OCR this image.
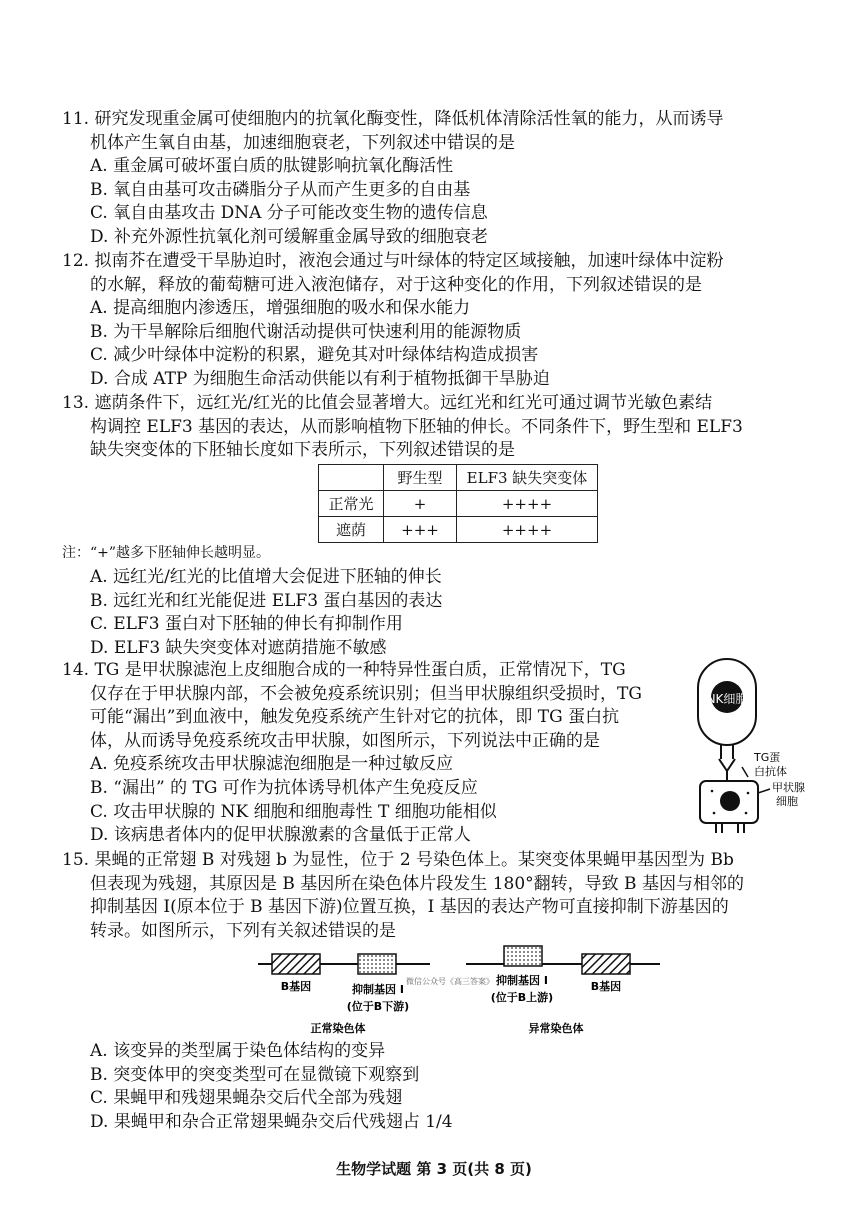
11. 研究发现重金属可使细胞内的抗氧化酶变性，降低机体清除活性氧的能力，从而诱导
机体产生氧自由基，加速细胞衰老，下列叙述中错误的是
A. 重金属可破坏蛋白质的肽键影响抗氧化酶活性
B. 氧自由基可攻击磷脂分子从而产生更多的自由基
C. 氧自由基攻击 DNA 分子可能改变生物的遗传信息
D. 补充外源性抗氧化剂可缓解重金属导致的细胞衰老
12. 拟南芥在遭受干旱胁迫时，液泡会通过与叶绿体的特定区域接触，加速叶绿体中淀粉
的水解，释放的葡萄糖可进入液泡储存，对于这种变化的作用，下列叙述错误的是
A. 提高细胞内渗透压，增强细胞的吸水和保水能力
B. 为干旱解除后细胞代谢活动提供可快速利用的能源物质
C. 减少叶绿体中淀粉的积累，避免其对叶绿体结构造成损害
D. 合成 ATP 为细胞生命活动供能以有利于植物抵御干旱胁迫
13. 遮荫条件下，远红光/红光的比值会显著增大。远红光和红光可通过调节光敏色素结
构调控 ELF3 基因的表达，从而影响植物下胚轴的伸长。不同条件下，野生型和 ELF3
缺失突变体的下胚轴长度如下表所示，下列叙述错误的是
	野生型	ELF3 缺失突变体
正常光	+	++++
遮荫	+++	++++
注：“+”越多下胚轴伸长越明显。
A. 远红光/红光的比值增大会促进下胚轴的伸长
B. 远红光和红光能促进 ELF3 蛋白基因的表达
C. ELF3 蛋白对下胚轴的伸长有抑制作用
D. ELF3 缺失突变体对遮荫措施不敏感
14. TG 是甲状腺滤泡上皮细胞合成的一种特异性蛋白质，正常情况下，TG
仅存在于甲状腺内部，不会被免疫系统识别；但当甲状腺组织受损时，TG
可能“漏出”到血液中，触发免疫系统产生针对它的抗体，即 TG 蛋白抗
体，从而诱导免疫系统攻击甲状腺，如图所示，下列说法中正确的是
A. 免疫系统攻击甲状腺滤泡细胞是一种过敏反应
B. “漏出” 的 TG 可作为抗体诱导机体产生免疫反应
C. 攻击甲状腺的 NK 细胞和细胞毒性 T 细胞功能相似
D. 该病患者体内的促甲状腺激素的含量低于正常人
NK细胞
TG蛋
白抗体
甲状腺
细胞
15. 果蝇的正常翅 B 对残翅 b 为显性，位于 2 号染色体上。某突变体果蝇甲基因型为 Bb
但表现为残翅，其原因是 B 基因所在染色体片段发生 180°翻转，导致 B 基因与相邻的
抑制基因 I(原本位于 B 基因下游)位置互换，I 基因的表达产物可直接抑制下游基因的
转录。如图所示，下列有关叙述错误的是
B基因	抑制基因 I
(位于B下游)
正常染色体
微信公众号《高三答案》 抑制基因 I
(位于B上游)
B基因
异常染色体
A. 该变异的类型属于染色体结构的变异
B. 突变体甲的突变类型可在显微镜下观察到
C. 果蝇甲和残翅果蝇杂交后代全部为残翅
D. 果蝇甲和杂合正常翅果蝇杂交后代残翅占 1/4
生物学试题 第 3 页(共 8 页)
